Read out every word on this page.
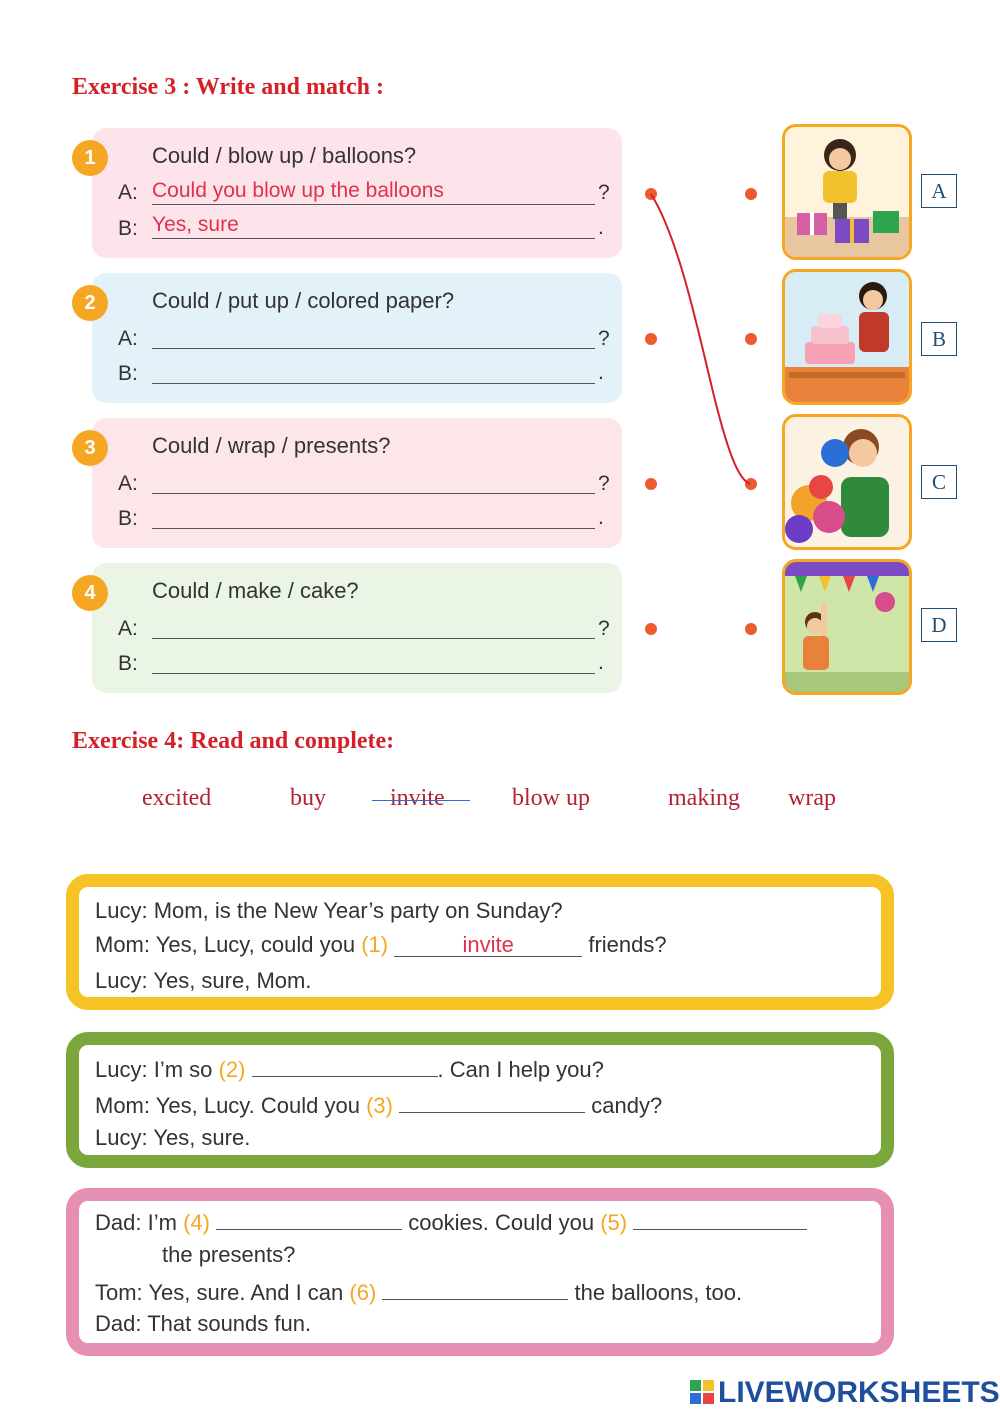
Exercise 3 : Write and match :
1	Could / blow up / balloons?
A: Could you blow up the balloons	?
B: Yes, sure	.
2	Could / put up / colored paper?
A:	?
B:	.
3	Could / wrap / presents?
A:	?
B:	.
4	Could / make / cake?
A:	?
B:	.
A
B
C
D
Exercise 4: Read and complete:
excited	buy	invite	blow up	making wrap
Lucy: Mom, is the New Year’s party on Sunday?
Mom: Yes, Lucy, could you (1)	invite	friends?
Lucy: Yes, sure, Mom.
Lucy: I’m so (2)	. Can I help you?
Mom: Yes, Lucy. Could you (3)	candy?
Lucy: Yes, sure.
Dad: I’m (4)	cookies. Could you (5)
the presents?
Tom: Yes, sure. And I can (6)	the balloons, too.
Dad: That sounds fun.
LIVEWORKSHEETS
